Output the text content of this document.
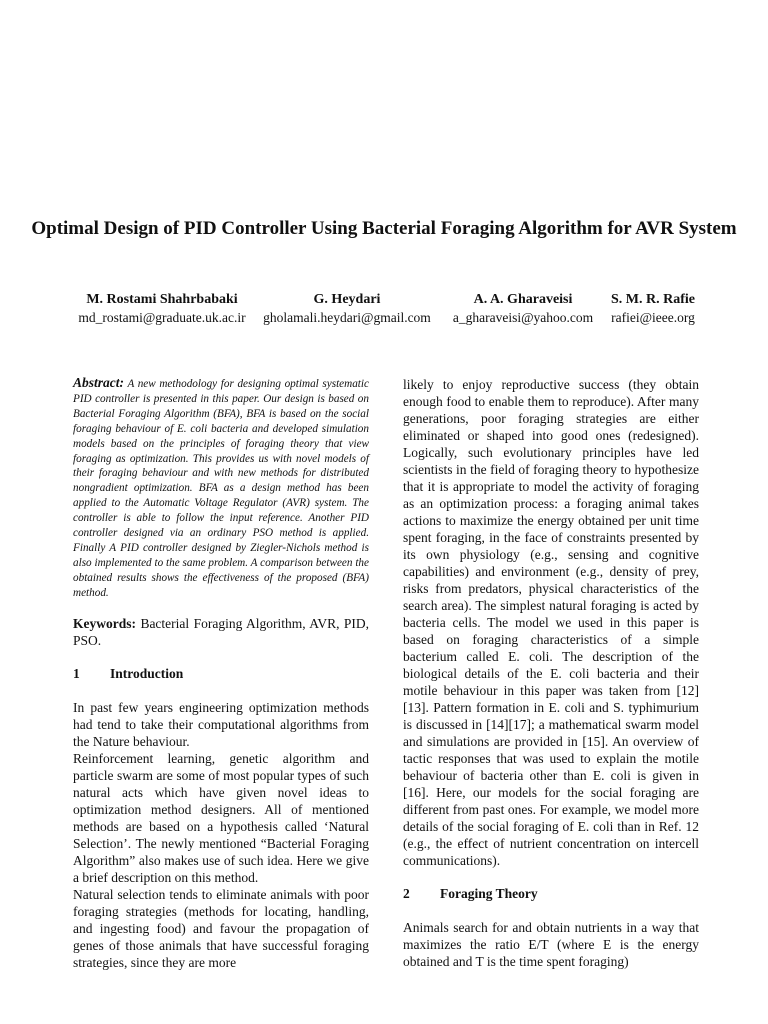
Optimal Design of PID Controller Using Bacterial Foraging Algorithm for AVR System
M. Rostami Shahrbabaki
md_rostami@graduate.uk.ac.ir
G. Heydari
gholamali.heydari@gmail.com
A. A. Gharaveisi
a_gharaveisi@yahoo.com
S. M. R. Rafie
rafiei@ieee.org

Abstract: A new methodology for designing optimal systematic PID controller is presented in this paper. Our design is based on Bacterial Foraging Algorithm (BFA), BFA is based on the social foraging behaviour of E. coli bacteria and developed simulation models based on the principles of foraging theory that view foraging as optimization. This provides us with novel models of their foraging behaviour and with new methods for distributed nongradient optimization. BFA as a design method has been applied to the Automatic Voltage Regulator (AVR) system. The controller is able to follow the input reference. Another PID controller designed via an ordinary PSO method is applied. Finally A PID controller designed by Ziegler-Nichols method is also implemented to the same problem. A comparison between the obtained results shows the effectiveness of the proposed (BFA) method.

Keywords: Bacterial Foraging Algorithm, AVR, PID, PSO.

1 Introduction

In past few years engineering optimization methods had tend to take their computational algorithms from the Nature behaviour.

Reinforcement learning, genetic algorithm and particle swarm are some of most popular types of such natural acts which have given novel ideas to optimization method designers. All of mentioned methods are based on a hypothesis called ‘Natural Selection’. The newly mentioned “Bacterial Foraging Algorithm” also makes use of such idea. Here we give a brief description on this method.

Natural selection tends to eliminate animals with poor foraging strategies (methods for locating, handling, and ingesting food) and favour the propagation of genes of those animals that have successful foraging strategies, since they are more

likely to enjoy reproductive success (they obtain enough food to enable them to reproduce). After many generations, poor foraging strategies are either eliminated or shaped into good ones (redesigned). Logically, such evolutionary principles have led scientists in the field of foraging theory to hypothesize that it is appropriate to model the activity of foraging as an optimization process: a foraging animal takes actions to maximize the energy obtained per unit time spent foraging, in the face of constraints presented by its own physiology (e.g., sensing and cognitive capabilities) and environment (e.g., density of prey, risks from predators, physical characteristics of the search area). The simplest natural foraging is acted by bacteria cells. The model we used in this paper is based on foraging characteristics of a simple bacterium called E. coli. The description of the biological details of the E. coli bacteria and their motile behaviour in this paper was taken from [12][13]. Pattern formation in E. coli and S. typhimurium is discussed in [14][17]; a mathematical swarm model and simulations are provided in [15]. An overview of tactic responses that was used to explain the motile behaviour of bacteria other than E. coli is given in [16]. Here, our models for the social foraging are different from past ones. For example, we model more details of the social foraging of E. coli than in Ref. 12 (e.g., the effect of nutrient concentration on intercell communications).

2 Foraging Theory

Animals search for and obtain nutrients in a way that maximizes the ratio E/T (where E is the energy obtained and T is the time spent foraging)
